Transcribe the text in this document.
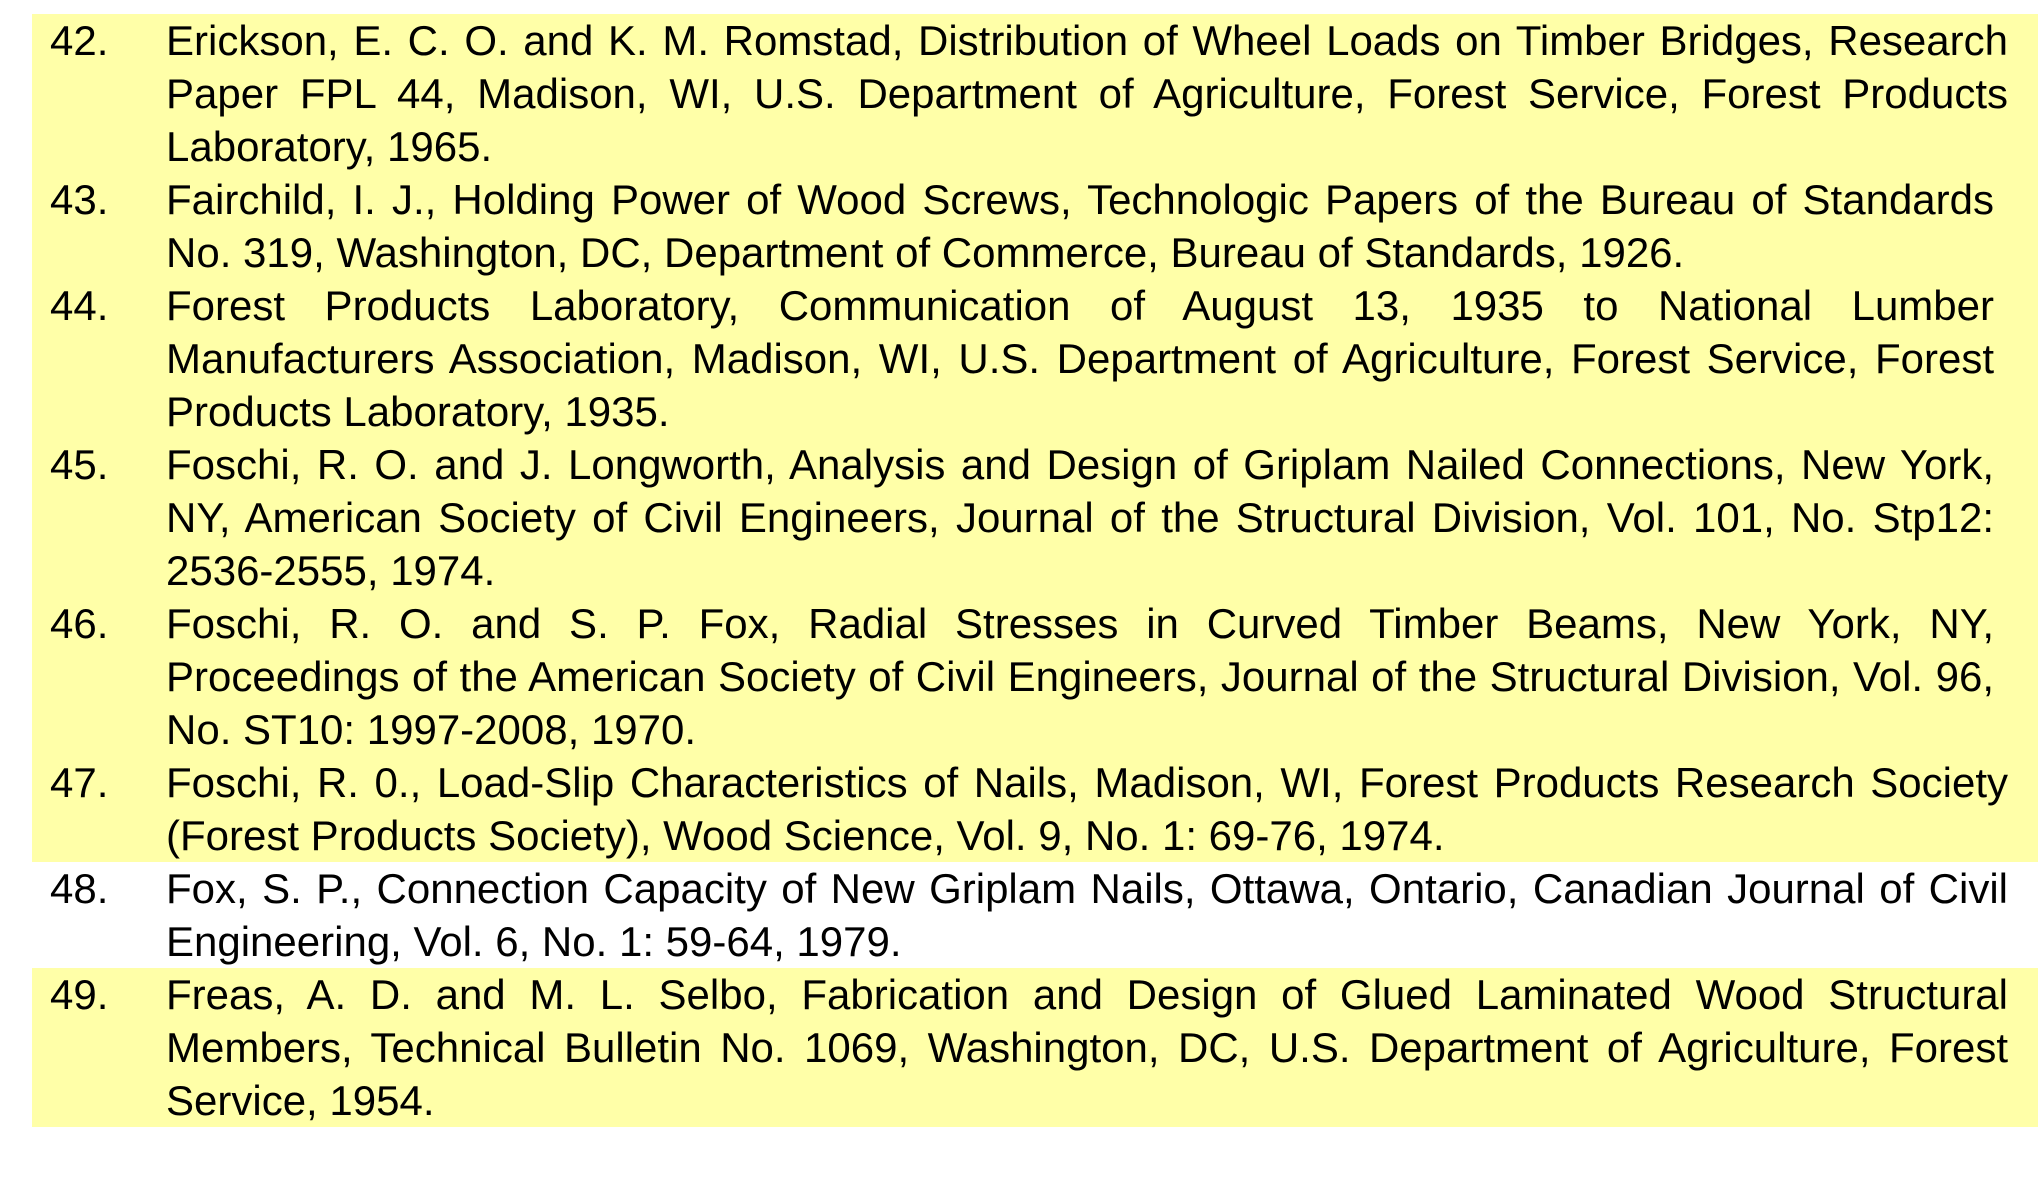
42.	Erickson, E. C. O. and K. M. Romstad, Distribution of Wheel Loads on Timber Bridges, Research Paper FPL 44, Madison, WI, U.S. Department of Agriculture, Forest Service, Forest Products Laboratory, 1965.
43.	Fairchild, I. J., Holding Power of Wood Screws, Technologic Papers of the Bureau of Standards No. 319, Washington, DC, Department of Commerce, Bureau of Standards, 1926.
44.	Forest Products Laboratory, Communication of August 13, 1935 to National Lumber Manufacturers Association, Madison, WI, U.S. Department of Agriculture, Forest Service, Forest Products Laboratory, 1935.
45.	Foschi, R. O. and J. Longworth, Analysis and Design of Griplam Nailed Connections, New York, NY, American Society of Civil Engineers, Journal of the Structural Division, Vol. 101, No. Stp12: 2536-2555, 1974.
46.	Foschi, R. O. and S. P. Fox, Radial Stresses in Curved Timber Beams, New York, NY, Proceedings of the American Society of Civil Engineers, Journal of the Structural Division, Vol. 96, No. ST10: 1997-2008, 1970.
47.	Foschi, R. 0., Load-Slip Characteristics of Nails, Madison, WI, Forest Products Research Society (Forest Products Society), Wood Science, Vol. 9, No. 1: 69-76, 1974.
48.	Fox, S. P., Connection Capacity of New Griplam Nails, Ottawa, Ontario, Canadian Journal of Civil Engineering, Vol. 6, No. 1: 59-64, 1979.
49.	Freas, A. D. and M. L. Selbo, Fabrication and Design of Glued Laminated Wood Structural Members, Technical Bulletin No. 1069, Washington, DC, U.S. Department of Agriculture, Forest Service, 1954.
